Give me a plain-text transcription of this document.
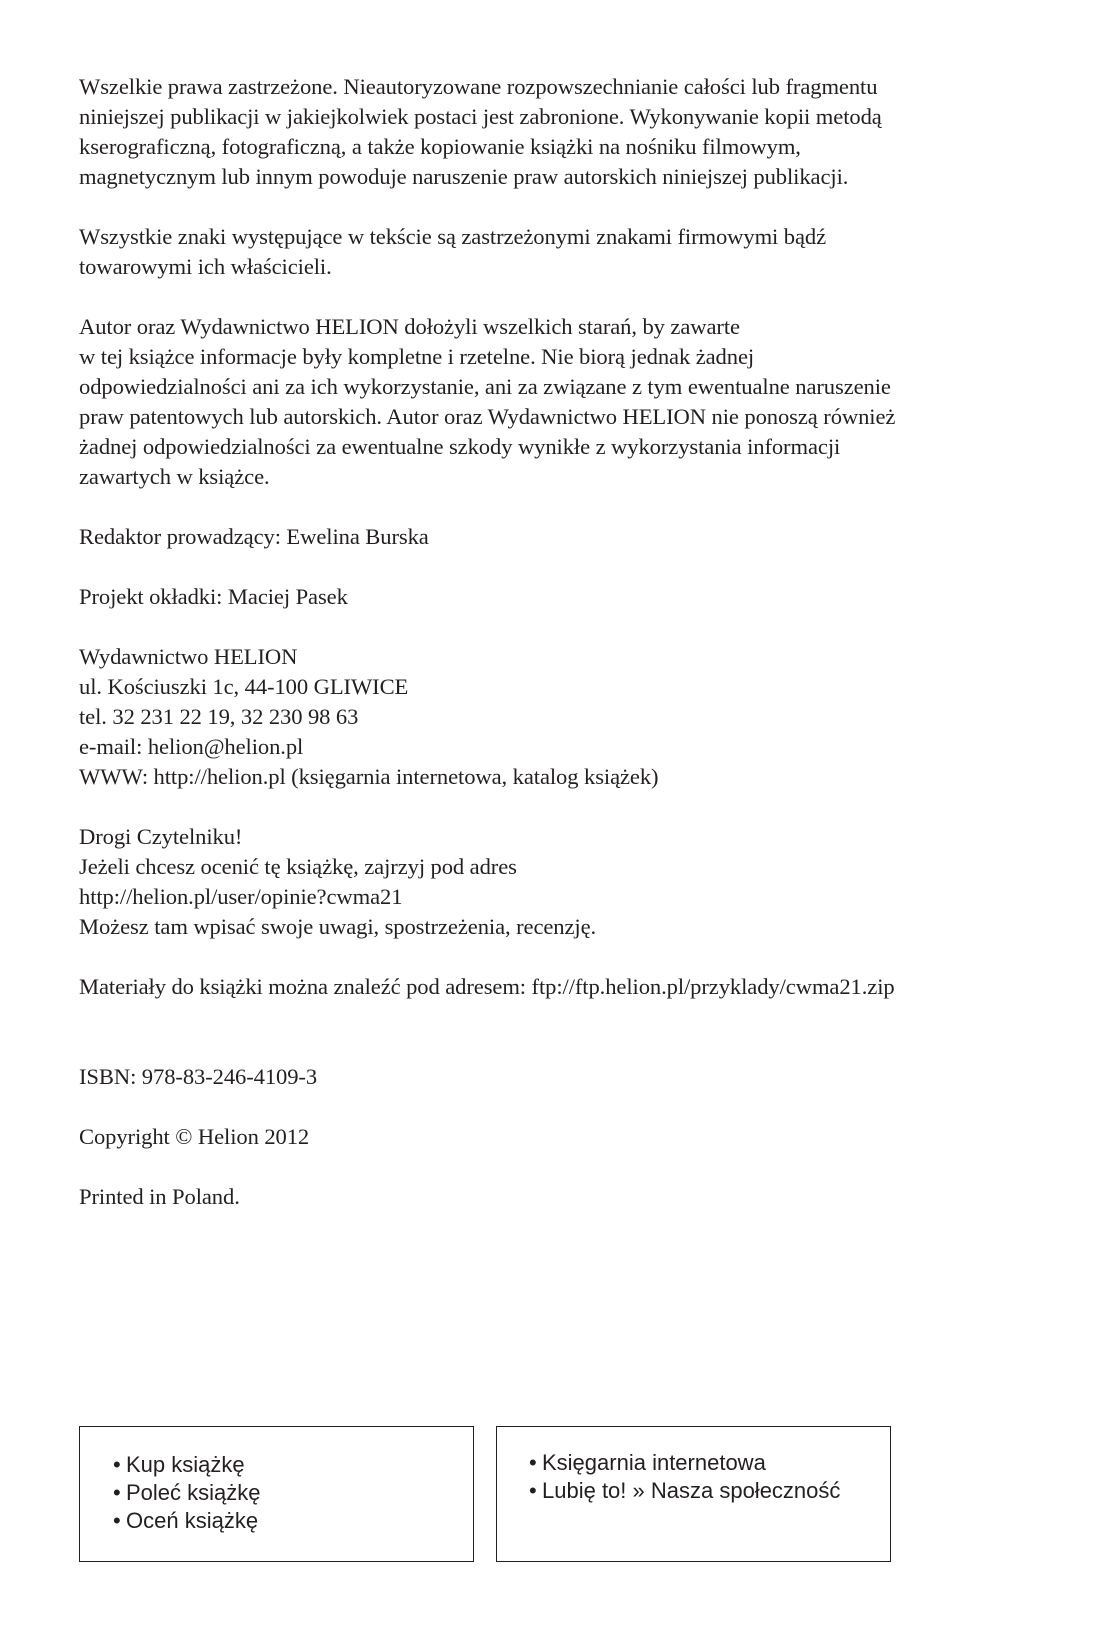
Wszelkie prawa zastrzeżone. Nieautoryzowane rozpowszechnianie całości lub fragmentu
niniejszej publikacji w jakiejkolwiek postaci jest zabronione. Wykonywanie kopii metodą
kserograficzną, fotograficzną, a także kopiowanie książki na nośniku filmowym,
magnetycznym lub innym powoduje naruszenie praw autorskich niniejszej publikacji.

Wszystkie znaki występujące w tekście są zastrzeżonymi znakami firmowymi bądź
towarowymi ich właścicieli.

Autor oraz Wydawnictwo HELION dołożyli wszelkich starań, by zawarte
w tej książce informacje były kompletne i rzetelne. Nie biorą jednak żadnej
odpowiedzialności ani za ich wykorzystanie, ani za związane z tym ewentualne naruszenie
praw patentowych lub autorskich. Autor oraz Wydawnictwo HELION nie ponoszą również
żadnej odpowiedzialności za ewentualne szkody wynikłe z wykorzystania informacji
zawartych w książce.

Redaktor prowadzący: Ewelina Burska

Projekt okładki: Maciej Pasek

Wydawnictwo HELION
ul. Kościuszki 1c, 44-100 GLIWICE
tel. 32 231 22 19, 32 230 98 63
e-mail: helion@helion.pl
WWW: http://helion.pl (księgarnia internetowa, katalog książek)

Drogi Czytelniku!
Jeżeli chcesz ocenić tę książkę, zajrzyj pod adres
http://helion.pl/user/opinie?cwma21
Możesz tam wpisać swoje uwagi, spostrzeżenia, recenzję.

Materiały do książki można znaleźć pod adresem: ftp://ftp.helion.pl/przyklady/cwma21.zip

ISBN: 978-83-246-4109-3

Copyright © Helion 2012

Printed in Poland.

• Kup książkę
• Poleć książkę
• Oceń książkę
• Księgarnia internetowa
• Lubię to! » Nasza społeczność
